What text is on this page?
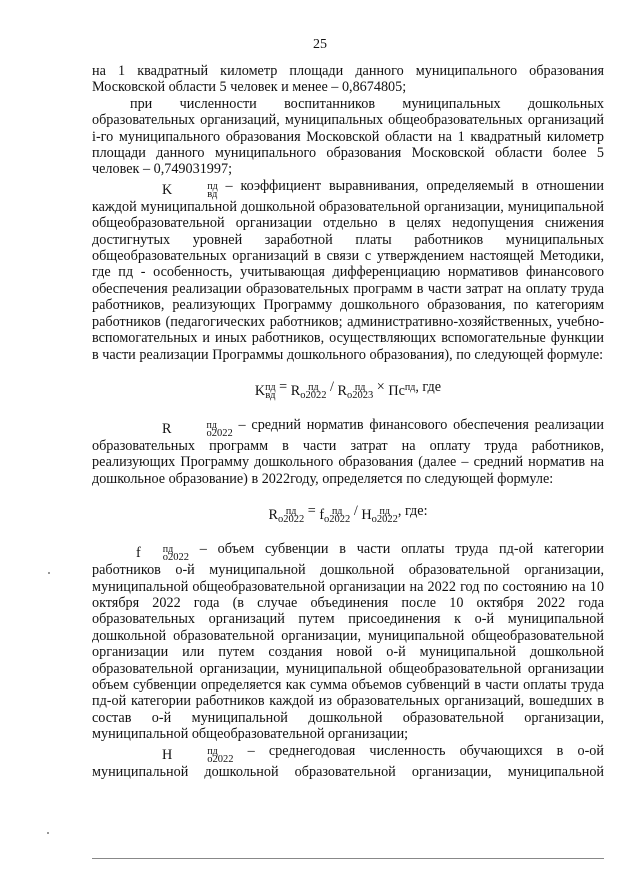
25

на 1 квадратный километр площади данного муниципального образования Московской области 5 человек и менее – 0,8674805;

при численности воспитанников муниципальных дошкольных образовательных организаций, муниципальных общеобразовательных организаций i-го муниципального образования Московской области на 1 квадратный километр площади данного муниципального образования Московской области более 5 человек – 0,749031997;

K	пд
вд
– коэффициент выравнивания, определяемый в отношении каждой муниципальной дошкольной образовательной организации, муниципальной общеобразовательной организации отдельно в целях недопущения снижения достигнутых уровней заработной платы работников муниципальных общеобразовательных организаций в связи с утверждением настоящей Методики, где пд - особенность, учитывающая дифференциацию нормативов финансового обеспечения реализации образовательных программ в части затрат на оплату труда работников, реализующих Программу дошкольного образования, по категориям работников (педагогических работников; административно-хозяйственных, учебно-вспомогательных и иных работников, осуществляющих вспомогательные функции в части реализации Программы дошкольного образования), по следующей формуле:

K пд
вд
= R пд
о2022
/ R пд
о2023
× Пс пд
, где

R	пд
о2022
– средний норматив финансового обеспечения реализации образовательных программ в части затрат на оплату труда работников, реализующих Программу дошкольного образования (далее – средний норматив на дошкольное образование) в 2022году, определяется по следующей формуле:

R пд
о2022
= f пд
о2022
/ H пд
о2022
, где:

f	пд
о2022
– объем субвенции в части оплаты труда пд-ой категории работников о-й муниципальной дошкольной образовательной организации, муниципальной общеобразовательной организации на 2022 год по состоянию на 10 октября 2022 года (в случае объединения после 10 октября 2022 года образовательных организаций путем присоединения к о-й муниципальной дошкольной образовательной организации, муниципальной общеобразовательной организации или путем создания новой о-й муниципальной дошкольной образовательной организации, муниципальной общеобразовательной организации объем субвенции определяется как сумма объемов субвенций в части оплаты труда пд-ой категории работников каждой из образовательных организаций, вошедших в состав о-й муниципальной дошкольной образовательной организации, муниципальной общеобразовательной организации;

H	пд
о2022
– среднегодовая численность обучающихся в о-ой муниципальной дошкольной образовательной организации, муниципальной
